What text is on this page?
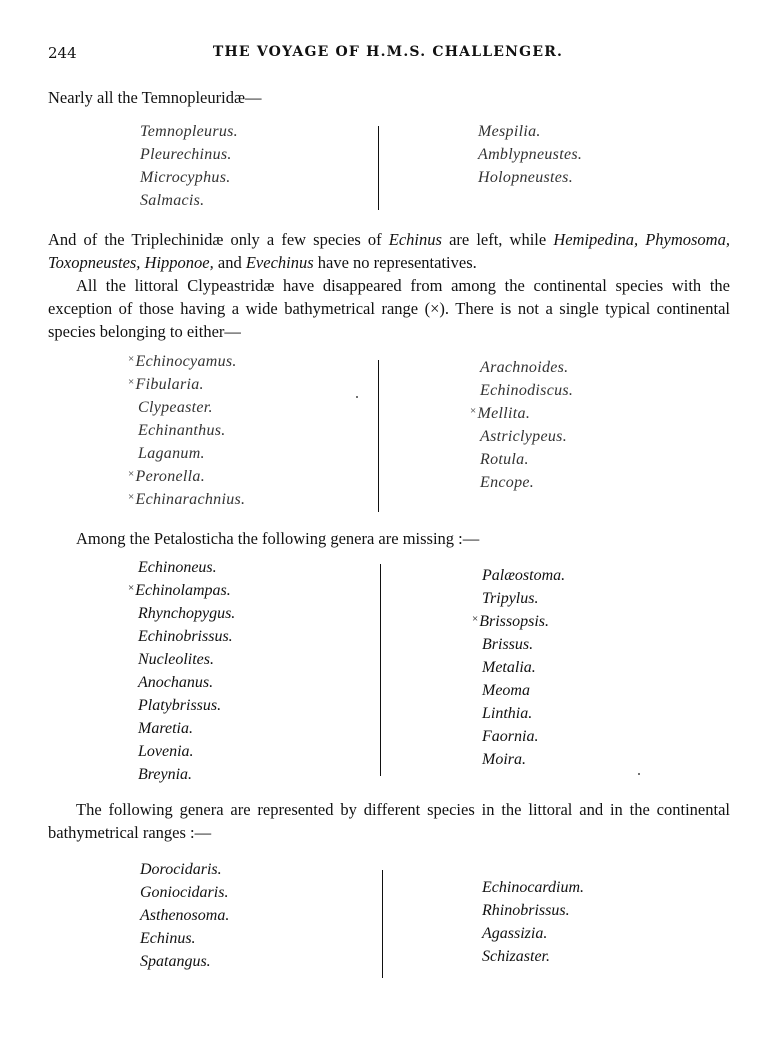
244	THE VOYAGE OF H.M.S. CHALLENGER.
Nearly all the Temnopleuridæ—
Temnopleurus.
Pleurechinus.
Microcyphus.
Salmacis.
Mespilia.
Amblypneustes.
Holopneustes.
And of the Triplechinidæ only a few species of Echinus are left, while Hemipedina, Phymosoma, Toxopneustes, Hipponoe, and Evechinus have no representatives.
All the littoral Clypeastridæ have disappeared from among the continental species with the exception of those having a wide bathymetrical range (×). There is not a single typical continental species belonging to either—
×Echinocyamus.
×Fibularia.
Clypeaster.
Echinanthus.
Laganum.
×Peronella.
×Echinarachnius.
Arachnoides.
Echinodiscus.
×Mellita.
Astriclypeus.
Rotula.
Encope.
Among the Petalosticha the following genera are missing :—
Echinoneus.
×Echinolampas.
Rhynchopygus.
Echinobrissus.
Nucleolites.
Anochanus.
Platybrissus.
Maretia.
Lovenia.
Breynia.
Palæostoma.
Tripylus.
×Brissopsis.
Brissus.
Metalia.
Meoma
Linthia.
Faornia.
Moira.
The following genera are represented by different species in the littoral and in the continental bathymetrical ranges :—
Dorocidaris.
Goniocidaris.
Asthenosoma.
Echinus.
Spatangus.
Echinocardium.
Rhinobrissus.
Agassizia.
Schizaster.
